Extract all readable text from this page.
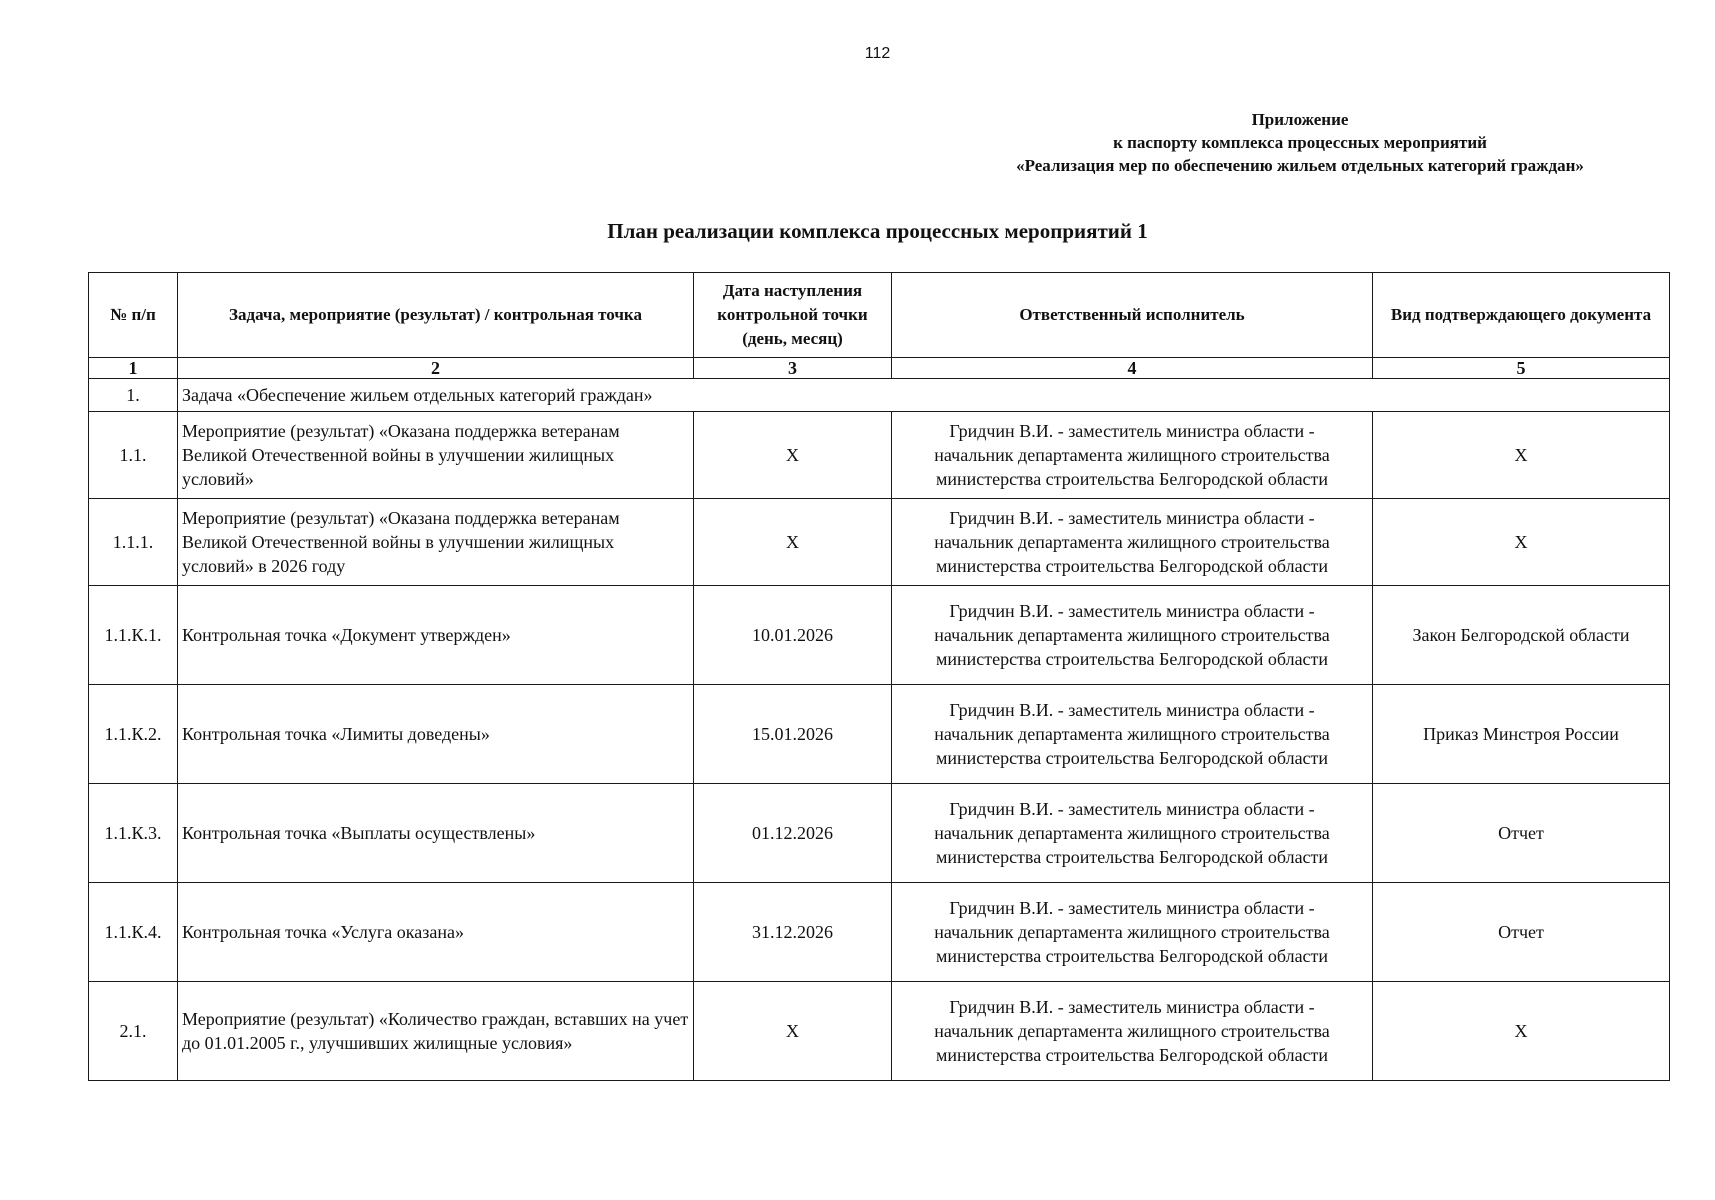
112
Приложение
к паспорту комплекса процессных мероприятий
«Реализация мер по обеспечению жильем отдельных категорий граждан»
План реализации комплекса процессных мероприятий 1
№ п/п	Задача, мероприятие (результат) / контрольная точка	Дата наступления контрольной точки (день, месяц)	Ответственный исполнитель	Вид подтверждающего документа
1	2	3	4	5
1.	Задача «Обеспечение жильем отдельных категорий граждан»			
1.1.	Мероприятие (результат) «Оказана поддержка ветеранам Великой Отечественной войны в улучшении жилищных условий»	X	Гридчин В.И. - заместитель министра области -
начальник департамента жилищного строительства
министерства строительства Белгородской области	X
1.1.1.	Мероприятие (результат) «Оказана поддержка ветеранам Великой Отечественной войны в улучшении жилищных условий» в 2026 году	X	Гридчин В.И. - заместитель министра области -
начальник департамента жилищного строительства
министерства строительства Белгородской области	X
1.1.К.1.	Контрольная точка «Документ утвержден»	10.01.2026	Гридчин В.И. - заместитель министра области -
начальник департамента жилищного строительства
министерства строительства Белгородской области	Закон Белгородской области
1.1.К.2.	Контрольная точка «Лимиты доведены»	15.01.2026	Гридчин В.И. - заместитель министра области -
начальник департамента жилищного строительства
министерства строительства Белгородской области	Приказ Минстроя России
1.1.К.3.	Контрольная точка «Выплаты осуществлены»	01.12.2026	Гридчин В.И. - заместитель министра области -
начальник департамента жилищного строительства
министерства строительства Белгородской области	Отчет
1.1.К.4.	Контрольная точка «Услуга оказана»	31.12.2026	Гридчин В.И. - заместитель министра области -
начальник департамента жилищного строительства
министерства строительства Белгородской области	Отчет
2.1.	Мероприятие (результат) «Количество граждан, вставших на учет до 01.01.2005 г., улучшивших жилищные условия»	X	Гридчин В.И. - заместитель министра области -
начальник департамента жилищного строительства
министерства строительства Белгородской области	X
